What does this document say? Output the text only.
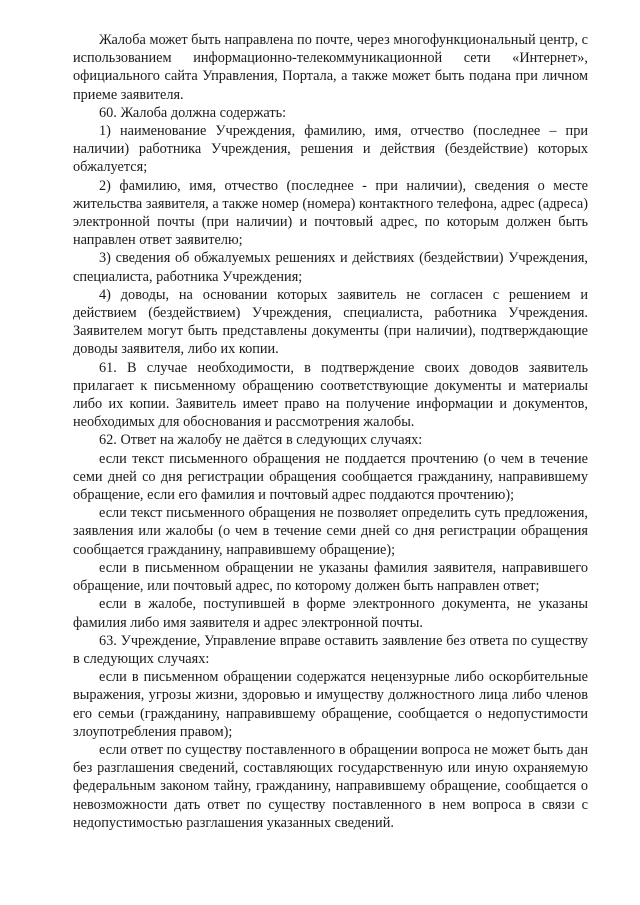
Жалоба может быть направлена по почте, через многофункциональный центр, с использованием информационно-телекоммуникационной сети «Интернет», официального сайта Управления, Портала, а также может быть подана при личном приеме заявителя.

60. Жалоба должна содержать:

1) наименование Учреждения, фамилию, имя, отчество (последнее – при наличии) работника Учреждения, решения и действия (бездействие) которых обжалуется;

2) фамилию, имя, отчество (последнее - при наличии), сведения о месте жительства заявителя, а также номер (номера) контактного телефона, адрес (адреса) электронной почты (при наличии) и почтовый адрес, по которым должен быть направлен ответ заявителю;

3) сведения об обжалуемых решениях и действиях (бездействии) Учреждения, специалиста, работника Учреждения;

4) доводы, на основании которых заявитель не согласен с решением и действием (бездействием) Учреждения, специалиста, работника Учреждения. Заявителем могут быть представлены документы (при наличии), подтверждающие доводы заявителя, либо их копии.

61. В случае необходимости, в подтверждение своих доводов заявитель прилагает к письменному обращению соответствующие документы и материалы либо их копии. Заявитель имеет право на получение информации и документов, необходимых для обоснования и рассмотрения жалобы.

62. Ответ на жалобу не даётся в следующих случаях:

если текст письменного обращения не поддается прочтению (о чем в течение семи дней со дня регистрации обращения сообщается гражданину, направившему обращение, если его фамилия и почтовый адрес поддаются прочтению);

если текст письменного обращения не позволяет определить суть предложения, заявления или жалобы (о чем в течение семи дней со дня регистрации обращения сообщается гражданину, направившему обращение);

если в письменном обращении не указаны фамилия заявителя, направившего обращение, или почтовый адрес, по которому должен быть направлен ответ;

если в жалобе, поступившей в форме электронного документа, не указаны фамилия либо имя заявителя и адрес электронной почты.

63. Учреждение, Управление вправе оставить заявление без ответа по существу в следующих случаях:

если в письменном обращении содержатся нецензурные либо оскорбительные выражения, угрозы жизни, здоровью и имуществу должностного лица либо членов его семьи (гражданину, направившему обращение, сообщается о недопустимости злоупотребления правом);

если ответ по существу поставленного в обращении вопроса не может быть дан без разглашения сведений, составляющих государственную или иную охраняемую федеральным законом тайну, гражданину, направившему обращение, сообщается о невозможности дать ответ по существу поставленного в нем вопроса в связи с недопустимостью разглашения указанных сведений.
